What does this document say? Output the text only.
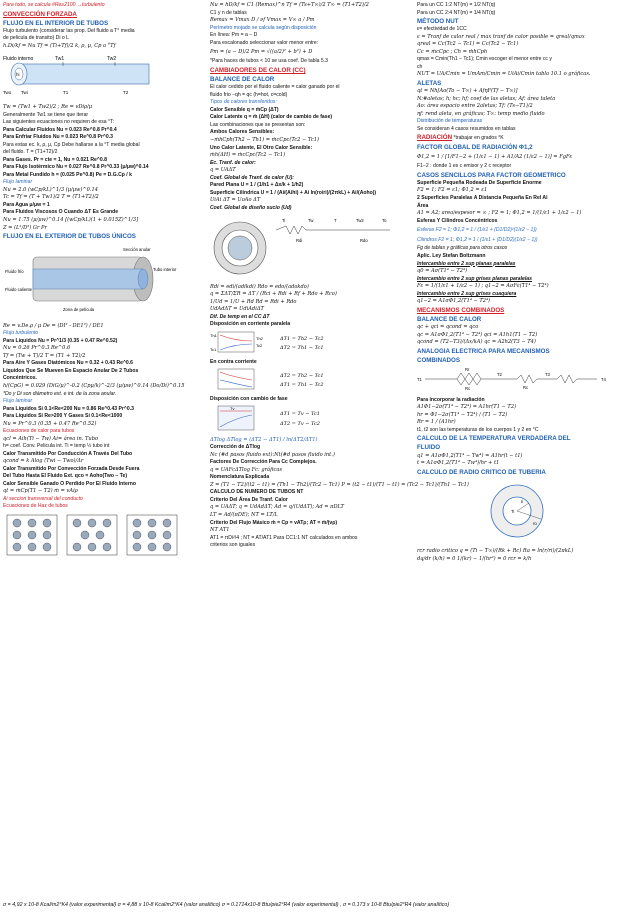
Para todo, se calcula #Re≥2100 →turbulento
CONVECCIÓN FORZADA
FLUJO EN EL INTERIOR DE TUBOS
Flujo turbulento (considerar las prop. Del fluido a T° media
de pelicula de transito) Di o L
h.Di/kf = Nu Tf = (Ti+Tf)/2 k, ρ, μ, Cp a °Tf
Fluido interno	Tw1	Tw2
hi
Two Twi	T1	T2
Tw = (Tw1 + Tw2)/2 ; Re = vDiρ/μ
Generalmente Tw1 se tiene que iterar
Las siguientes ecuaciones no requiren de esa °T:
Para Calcular Fluidos Nu = 0.023 Re^0.8 Pr^0.4
Para Enfriar Fluidos Nu = 0.023 Re^0.8 Pr^0.3
Para estas ec. k, ρ, μ, Cp Debe hallarse a la °T media global
del fluido. T = (T1+T2)/2
Para Gases. Pr = cte = 1, Nu = 0.021 Re^0.8
Para Flujo Isotérmico Nu = 0.027 Re^0.8 Pr^0.33 (μ/μw)^0.14
Para Metal Fundido h = (0.025 Pe^0.8) Pe = D.G.Cp / k
Flujo laminar
Nu = 2.0 (wCp/kL)^1/3 (μ/μw)^0.14
Tc = Tf = (T + Tw1)/2 T = (T1+T2)/2
Para Agua μ/μw = 1
Para Fluidos Viscosos O Cuando ΔT Es Grande
Nu = 1.75 (μ/μw)^0.14 [(wCp/kL)(1 + 0.015Z)^1/3]
Z = (L²/D²) Gr Pr
FLUJO EN EL EXTERIOR DE TUBOS ÚNICOS
Sección anular
Tubo interior
Fluido frío
Fluido caliente
Zona de película
Re = v.De.ρ / μ De = (DI² - DE1²) / DE1
Flujo turbulento
Para Líquidos Nu = Pr^1/3 (0.35 + 0.47 Re^0.52)
Nu = 0.26 Pr^0.3 Re^0.6
Tf = (Tw + T)/2 T = (T1 + T2)/2
Para Aire Y Gases Diatómicos Nu = 0.32 + 0.43 Re^0.6
Líquidos Que Se Mueven En Espacio Anular De 2 Tubos
Concéntricos.
h/(CpG) = 0.029 (DiG/μ)^-0.2 (Cpμ/k)^-2/3 (μ/μw)^0.14 (Do/Di)^0.15
*Do y Di son diámetro ext. e int. de la zona anular.
Flujo laminar
Para Líquidos Si 0.1<Re<200 Nu = 0.86 Re^0.43 Pr^0.3
Para Líquidos Si Re>200 Y Gases Si 0.1<Re<1000
Nu = Pr^0.3 (0.35 + 0.47 Re^0.52)
Ecuaciones de calor para tubos
qcl = Aih(Ti − Tw) Ai= área in. Tubo
h= coef. Conv. Pelicula int. Ti = temp ½ tubo int
Calor Transmitido Por Conducción A Través Del Tubo
qcond = k Alog (Twi − Two)/Δr
Calor Transmitido Por Convección Forzada Desde Fuera
Del Tubo Hasta El Fluido Ext. qco = Aoho(Two − Te)
Calor Sensible Ganado O Perdido Por El Fluido Interno
qt = ṁCp(T1 − T2) ṁ = vAiρ
Ai seccion transversal del conducto
Ecuaciones de Haz de tubos
Nu = hD/kf = C1 (Remax)^n Tf = (Ts+T∞)/2 T∞ = (T1+T2)/2
C1 y n de tablas
Remax = Vmax D / νf Vmax = V∞ a / Pm
Perímetro mojado se calcula según disposición
En línea: Pm = a − D
Para escalonado seleccionar valor menor entre:
Pm = (a − D)/2 Pm = √((a/2)² + b²) + D
*Para haces de tubos < 10 se usa coef. De tabla 5.3
CAMBIADORES DE CALOR (CC)
BALANCE DE CALOR
El calor cedido por el fluido caliente = calor ganado por el
fluido frio −qh = qc (h=hot, c=cold)
Tipos de calores transferidos:
Calor Sensible q = ṁCp (ΔT)
Calor Latente q = ṁ (ΔH) (calor de cambio de fase)
Las combinaciones que se presentan son:
Ambos Calores Sensibles:
−ṁhCph(Th2 − Th1) = ṁcCpc(Tc2 − Tc1)
Uno Calor Latente, El Otro Calor Sensible:
ṁh(ΔH) = ṁcCpc(Tc2 − Tc1)
Ec. Tranf. de calor:
q = UAΔT
Coef. Global de Tranf. de calor (U):
Pared Plana U = 1 / (1/h1 + Δx/k + 1/h2)
Superficie Cilíndrica U = 1 / (Ai/(Aihi) + Ai ln(ro/ri)/(2πkL) + Ai/(Aoho))
UiAi ΔT = UoAo ΔT
Coef. Global de diseño sucio (Ud)
Ti	Tw	T	Tw2	To
Rdi	Rdo
Rdi = edi/(adikdi) Rdo = edo/(adokdo)
q = ΣΔT/ΣR = ΔT / (Rci + Rdi + Rf + Rdo + Rco)
1/Ud = 1/U + Rd Rd = Rdi + Rdo
UdAdΔT = UdiAdiΔT
Dif. De temp en el CC ΔT
Disposición en corriente paralela
Th1
Th2
Tc1
Tc2
ΔT1 = Th2 − Tc2
ΔT2 = Th1 − Tc1
En contra corriente
ΔT2 = Th2 − Tc1
ΔT1 = Th1 − Tc2
Disposición con cambio de fase
Tv
ΔT1 = Tv − Tc1
ΔT2 = Tv − Tc2
ΔTlog ΔTlog = (ΔT2 − ΔT1) / ln(ΔT2/ΔT1)
Corrección de ΔTlog
Nc (#d pasos fluido ext):Nt(#d pasos fluido int.)
Factores De Corrección Para Cc Complejos.
q = UAFcΔTlog Fc: gráficas
Nomenclatura Explicada
Z = (T1 − T2)/(t2 − t1) = (Th1 − Th2)/(Tc2 − Tc1) P = (t2 − t1)/(T1 − t1) = (Tc2 − Tc1)/(Th1 − Tc1)
CALCULO DE NUMERO DE TUBOS NT
Criterio Del Área De Tranf. Calor
q = UAΔT; q = UdAdΔT; Ad = q/(UdΔT); Ad = πDLT
LT = Ad/(πDE); NT = LT/L
Criterio Del Flujo Másico ṁ = Cp = vATρ; AT = ṁ/(vρ)
NT AT1
AT1 = πDi²/4 ; NT = AT/AT1 Para CC1:1 NT calculados en ambos
criterios son iguales
Para un CC 1:2 NT(m) = 1/2 NT(q)
Para un CC 2:4 NT(m) = 1/4 NT(q)
MÉTODO NUT
ε= efectividad de 1CC
ε = Tranf de calor real / max tranf de calor posible = qreal/qmax
qreal = Cc(Tc2 − Tc1) = Cc(Tc2 − Tc1)
Cc = ṁcCpc ; Ch = ṁhCph
qmax = Cmin(Th1 − Tc1); Cmin escoger el menor entre cc y
ch
NUT = UA/Cmin = UmAm/Cmin = UiAi/Cmin tabla 10.1 o gráficas.
ALETAS
qt = Nh[Ao(To − T∞) + AfηF(Tf − T∞)]
N:#aletas; h; hc; hf; coef de las aletas; Af: área taleta
Ao: área espacio entre 2aletas; Tf: (Ts−T1)/2
ηf: rend aleta, en gráficas; T∞: temp medio fluido
Distribución de temperaturas
Se consideran 4 casos resumidos en tablas
RADIACIÓN *trabajar en grados °K
FACTOR GLOBAL DE RADIACIÓN Φ1,2
Φ1,2 = 1 / [1/F1−2 + (1/ε1 − 1) + A1/A2 (1/ε2 − 1)] = FgFε
F1−2 : donde 1 es c emisor y 2 c receptor
CASOS SENCILLOS PARA FACTOR GEOMETRICO
Superficie Pequeña Rodeada De Superficie Enorme
F2 = 1; F2 = ε1; Φ1,2 = ε1
2 Superficies Paralelas A Distancia Pequeña En Rel Al
Área
A1 = A2; area/espesor = ∞ ; F2 = 1; Φ1,2 = 1/(1/ε1 + 1/ε2 − 1)
Esferas Y Cilindros Concéntricos
Esferas F2 = 1; Φ1,2 = 1 / (1/ε1 + (D1/D2)²(1/ε2 − 1))
Cilindros F2 = 1; Φ1,2 = 1 / (1/ε1 + (D1/D2)(1/ε2 − 1))
Fg de tablas y gráficas para otros casos
Aplic. Ley Stefan Boltzmann
Intercambio entre 2 sup planas paralelas
q0 = Aσ(T1⁴ − T2⁴)
Intercambio entre 2 sup grises planas paralelas
Fε = 1/(1/ε1 + 1/ε2 − 1) ; q1−2 = AσFε(T1⁴ − T2⁴)
Intercambio entre 2 sup grises cuaquiera
q1−2 = A1σΦ1,2(T1⁴ − T2⁴)
MECANISMOS COMBINADOS
BALANCE DE CALOR
qc + qci = qcond = qco
qc = A1σΦ1,2(T1⁴ − T2⁴) qci = A1h1(T1 − T2)
qcond = (T2−T3)/(Δx/kA) qc = A2h2(T3 − T4)
ANALOGIA ELECTRICA PARA MECANISMOS
COMBINADOS
T1
Rr
T2
Rc
T3
T4
Rc
Para incorporar la radiación
A1Φ1−2σ(T1⁴ − T2⁴) = A1hr(T1 − T2)
hr = Φ1−2σ(T1⁴ − T2⁴) / (T1 − T2)
Rr = 1 / (A1hr)
t1, t2 son las temperaturas de los cuerpos 1 y 2 en °C
CALCULO DE LA TEMPERATURA VERDADERA DEL
FLUIDO
q1 = A1σΦ1,2(T1⁴ − Tw⁴) = A1hr(t − t1)
t = A1σΦ1,2(T1⁴ − Tw⁴)/hr + t1
CALCULO DE RADIO CRITICO DE TUBERIA
ri
ro
Ti
rcr radio critico q = (Ti − T∞)/(Rk + Rc) Ra = ln(r/ri)/(2πkL)
dq/dr (k/h) = 0 1/(kr) − 1/(hr²) = 0 rcr = k/h
σ = 4,92 x 10-8 Kcal/m2°K4 (valor experimental) σ = 4,88 x 10-8 Kcal/m2°K4 (valor analítico) σ = 0.1714x10-8 Btu/pie2°R4 (valor experimental) , σ = 0.173 x 10-8 Btu/pie2°R4 (valor analítico)
